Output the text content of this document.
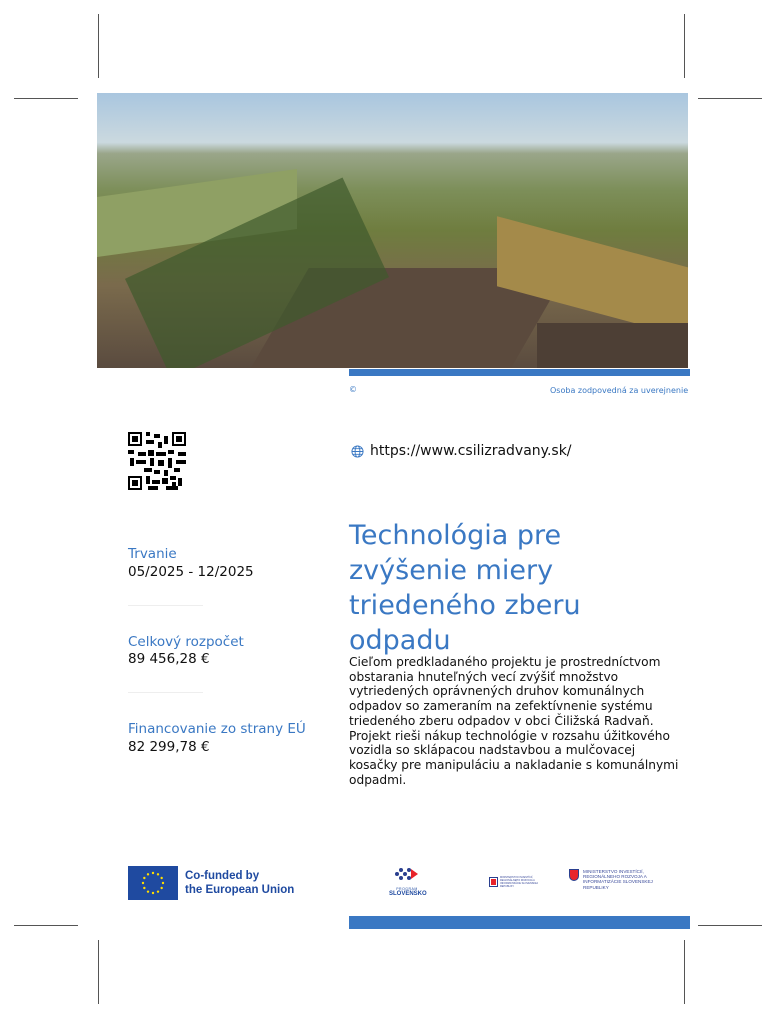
©	Osoba zodpovedná za uverejnenie
https://www.csilizradvany.sk/
Trvanie
05/2025 - 12/2025
Celkový rozpočet
89 456,28 €
Financovanie zo strany EÚ
82 299,78 €
Technológia pre zvýšenie miery triedeného zberu odpadu
Cieľom predkladaného projektu je prostredníctvom obstarania hnuteľných vecí zvýšiť množstvo vytriedených oprávnených druhov komunálnych odpadov so zameraním na zefektívnenie systému triedeného zberu odpadov v obci Čiližská Radvaň. Projekt rieši nákup technológie v rozsahu úžitkového vozidla so sklápacou nadstavbou a mulčovacej kosačky pre manipuláciu a nakladanie s komunálnymi odpadmi.
Co-funded by
the European Union	PROGRAM
SLOVENSKO
MINISTERSTVO INVESTÍCIÍ, REGIONÁLNEHO ROZVOJA A INFORMATIZÁCIE SLOVENSKEJ REPUBLIKY
MINISTERSTVO INVESTÍCIÍ, REGIONÁLNEHO ROZVOJA A INFORMATIZÁCIE SLOVENSKEJ REPUBLIKY
